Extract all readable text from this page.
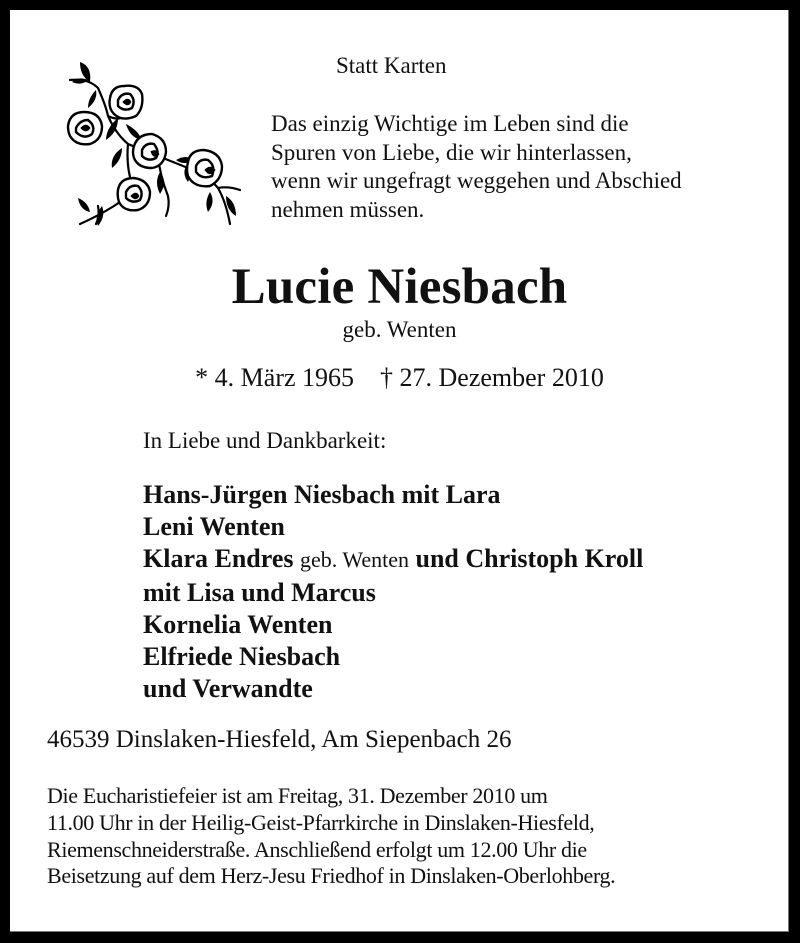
Statt Karten
Das einzig Wichtige im Leben sind die
Spuren von Liebe, die wir hinterlassen,
wenn wir ungefragt weggehen und Abschied
nehmen müssen.
Lucie Niesbach
geb. Wenten
* 4. März 1965 † 27. Dezember 2010
In Liebe und Dankbarkeit:
Hans-Jürgen Niesbach mit Lara
Leni Wenten
Klara Endres geb. Wenten und Christoph Kroll
mit Lisa und Marcus
Kornelia Wenten
Elfriede Niesbach
und Verwandte
46539 Dinslaken-Hiesfeld, Am Siepenbach 26
Die Eucharistiefeier ist am Freitag, 31. Dezember 2010 um
11.00 Uhr in der Heilig-Geist-Pfarrkirche in Dinslaken-Hiesfeld,
Riemenschneiderstraße. Anschließend erfolgt um 12.00 Uhr die
Beisetzung auf dem Herz-Jesu Friedhof in Dinslaken-Oberlohberg.
